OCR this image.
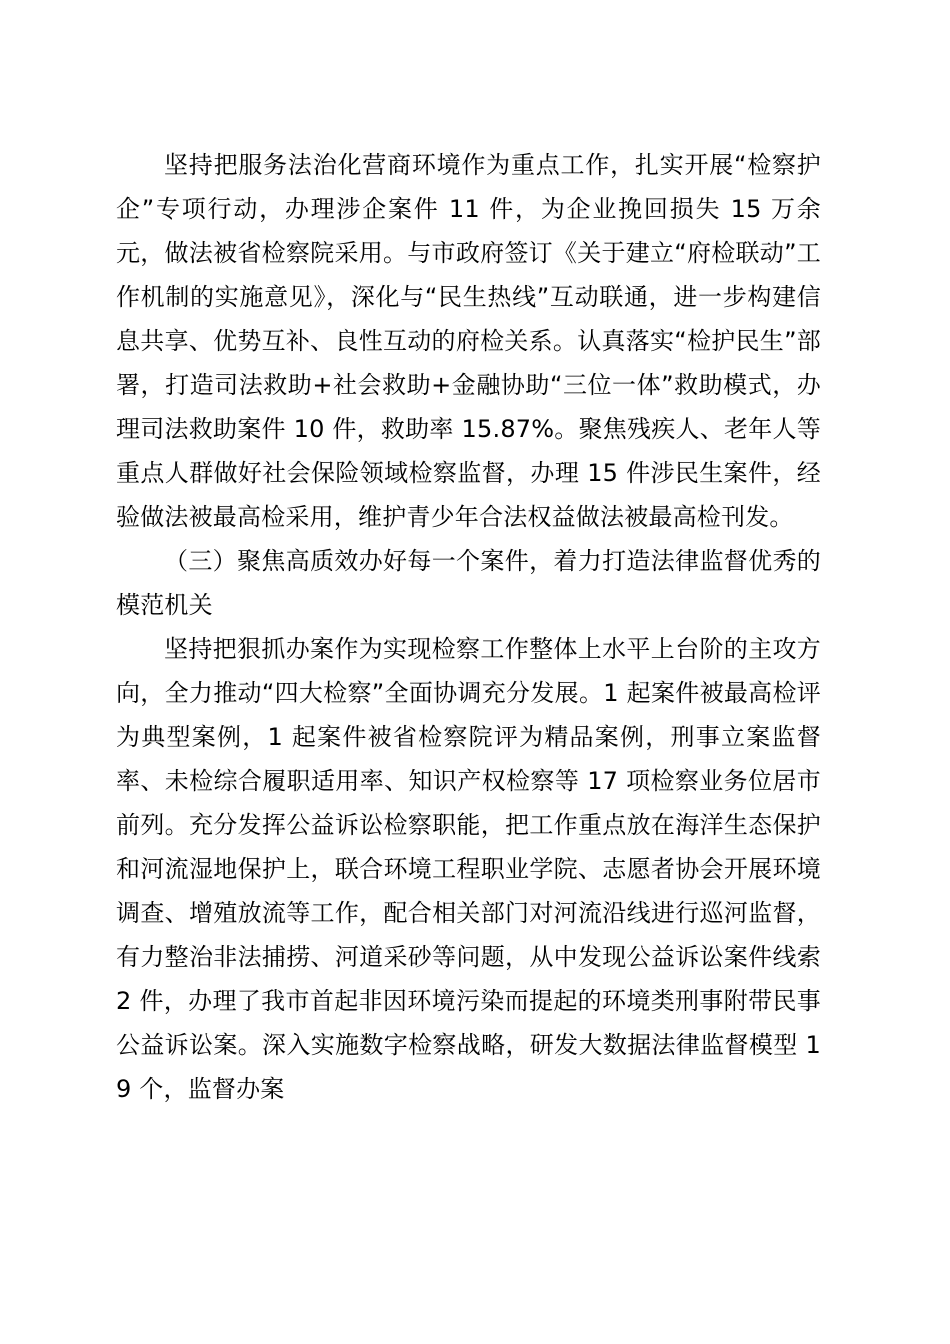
坚持把服务法治化营商环境作为重点工作，扎实开展“检察护企”专项行动，办理涉企案件 11 件，为企业挽回损失 15 万余元，做法被省检察院采用。与市政府签订《关于建立“府检联动”工作机制的实施意见》，深化与“民生热线”互动联通，进一步构建信息共享、优势互补、良性互动的府检关系。认真落实“检护民生”部署，打造司法救助+社会救助+金融协助“三位一体”救助模式，办理司法救助案件 10 件，救助率 15.87%。聚焦残疾人、老年人等重点人群做好社会保险领域检察监督，办理 15 件涉民生案件，经验做法被最高检采用，维护青少年合法权益做法被最高检刊发。

（三）聚焦高质效办好每一个案件，着力打造法律监督优秀的模范机关

坚持把狠抓办案作为实现检察工作整体上水平上台阶的主攻方向，全力推动“四大检察”全面协调充分发展。1 起案件被最高检评为典型案例，1 起案件被省检察院评为精品案例，刑事立案监督率、未检综合履职适用率、知识产权检察等 17 项检察业务位居市前列。充分发挥公益诉讼检察职能，把工作重点放在海洋生态保护和河流湿地保护上，联合环境工程职业学院、志愿者协会开展环境调查、增殖放流等工作，配合相关部门对河流沿线进行巡河监督，有力整治非法捕捞、河道采砂等问题，从中发现公益诉讼案件线索 2 件，办理了我市首起非因环境污染而提起的环境类刑事附带民事公益诉讼案。深入实施数字检察战略，研发大数据法律监督模型 19 个，监督办案
